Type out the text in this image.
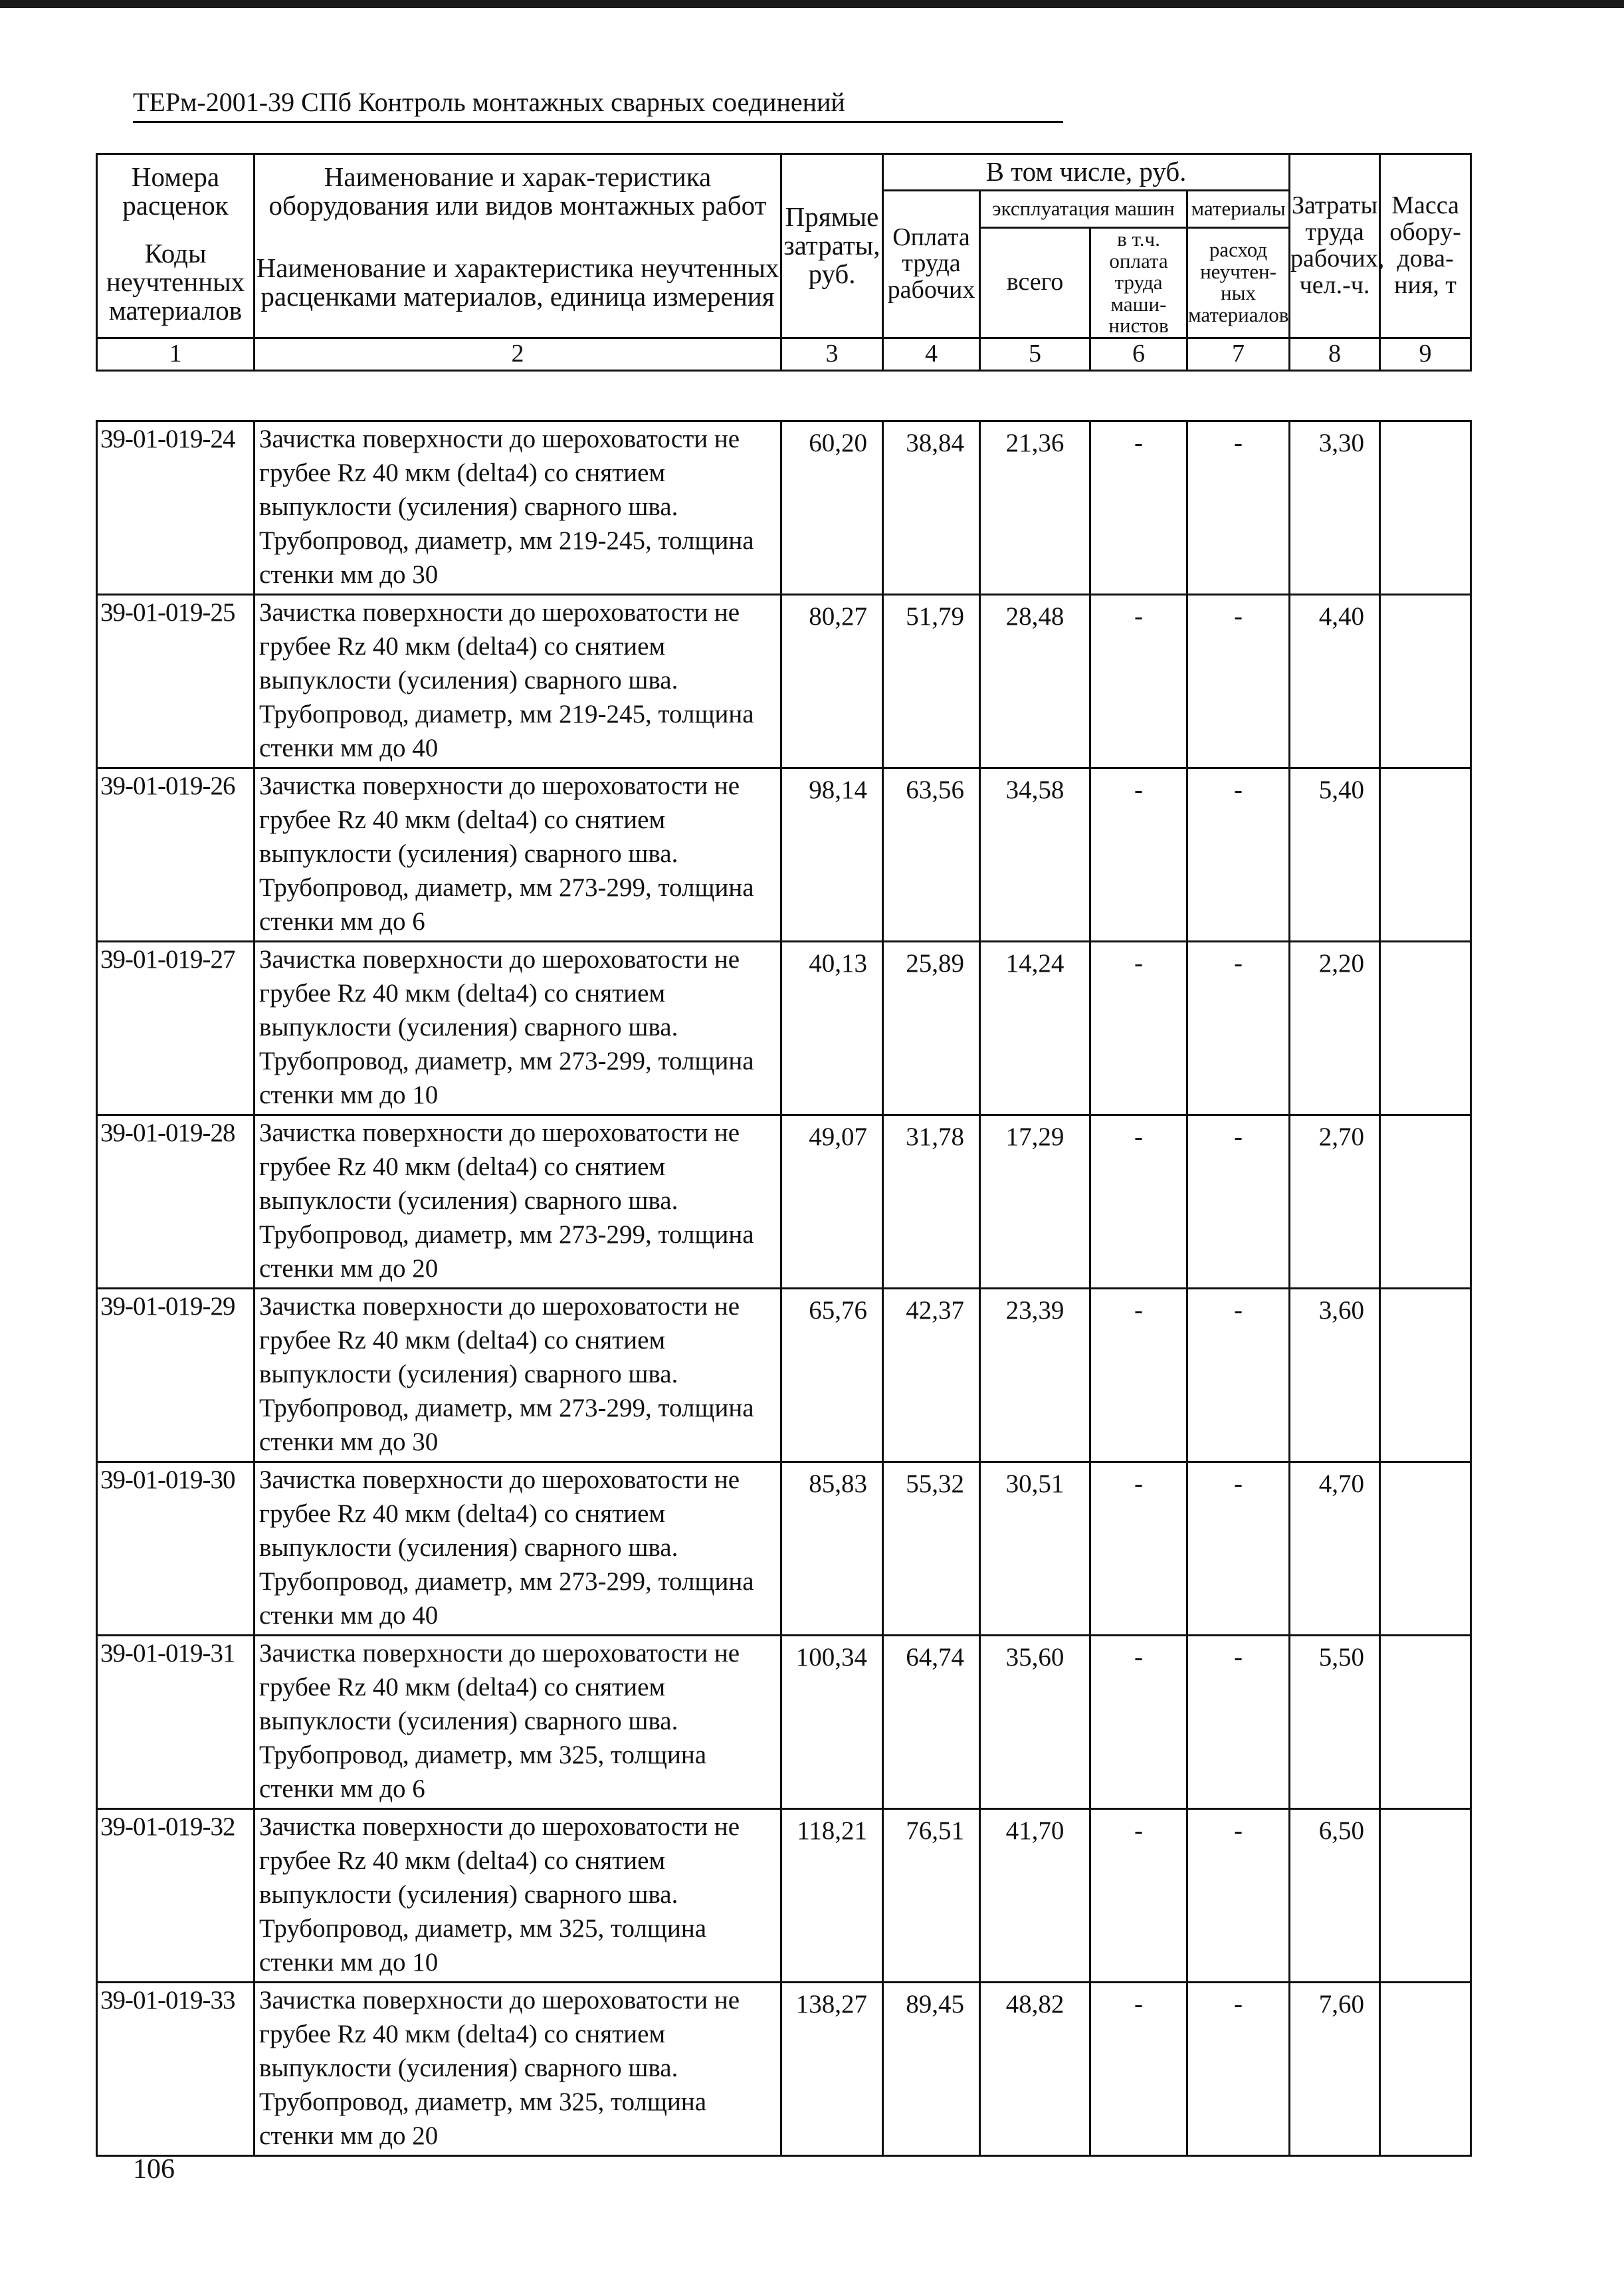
ТЕРм-2001-39 СПб Контроль монтажных сварных соединений
Номера расценок	Наименование и харак-теристика оборудования или видов монтажных работ	Прямые затраты, руб.	В том числе, руб.				Затраты труда рабочих, чел.-ч.	Масса обору-дова-ния, т
			Оплата труда рабочих	эксплуатация машин		материалы		
Коды неучтенных материалов	Наименование и характеристика неучтенных расценками материалов, единица измерения			всего	в т.ч. оплата труда маши-нистов	расход неучтен-ных материалов		

1	2	3	4	5	6	7	8	9
39-01-019-24	Зачистка поверхности до шероховатости не грубее Rz 40 мкм (delta4) со снятием выпуклости (усиления) сварного шва. Трубопровод, диаметр, мм 219-245, толщина стенки мм до 30	60,20	38,84	21,36	-	-	3,30	
39-01-019-25	Зачистка поверхности до шероховатости не грубее Rz 40 мкм (delta4) со снятием выпуклости (усиления) сварного шва. Трубопровод, диаметр, мм 219-245, толщина стенки мм до 40	80,27	51,79	28,48	-	-	4,40	
39-01-019-26	Зачистка поверхности до шероховатости не грубее Rz 40 мкм (delta4) со снятием выпуклости (усиления) сварного шва. Трубопровод, диаметр, мм 273-299, толщина стенки мм до 6	98,14	63,56	34,58	-	-	5,40	
39-01-019-27	Зачистка поверхности до шероховатости не грубее Rz 40 мкм (delta4) со снятием выпуклости (усиления) сварного шва. Трубопровод, диаметр, мм 273-299, толщина стенки мм до 10	40,13	25,89	14,24	-	-	2,20	
39-01-019-28	Зачистка поверхности до шероховатости не грубее Rz 40 мкм (delta4) со снятием выпуклости (усиления) сварного шва. Трубопровод, диаметр, мм 273-299, толщина стенки мм до 20	49,07	31,78	17,29	-	-	2,70	
39-01-019-29	Зачистка поверхности до шероховатости не грубее Rz 40 мкм (delta4) со снятием выпуклости (усиления) сварного шва. Трубопровод, диаметр, мм 273-299, толщина стенки мм до 30	65,76	42,37	23,39	-	-	3,60	
39-01-019-30	Зачистка поверхности до шероховатости не грубее Rz 40 мкм (delta4) со снятием выпуклости (усиления) сварного шва. Трубопровод, диаметр, мм 273-299, толщина стенки мм до 40	85,83	55,32	30,51	-	-	4,70	
39-01-019-31	Зачистка поверхности до шероховатости не грубее Rz 40 мкм (delta4) со снятием выпуклости (усиления) сварного шва. Трубопровод, диаметр, мм 325, толщина стенки мм до 6	100,34	64,74	35,60	-	-	5,50	
39-01-019-32	Зачистка поверхности до шероховатости не грубее Rz 40 мкм (delta4) со снятием выпуклости (усиления) сварного шва. Трубопровод, диаметр, мм 325, толщина стенки мм до 10	118,21	76,51	41,70	-	-	6,50	
39-01-019-33	Зачистка поверхности до шероховатости не грубее Rz 40 мкм (delta4) со снятием выпуклости (усиления) сварного шва. Трубопровод, диаметр, мм 325, толщина стенки мм до 20	138,27	89,45	48,82	-	-	7,60	
106
